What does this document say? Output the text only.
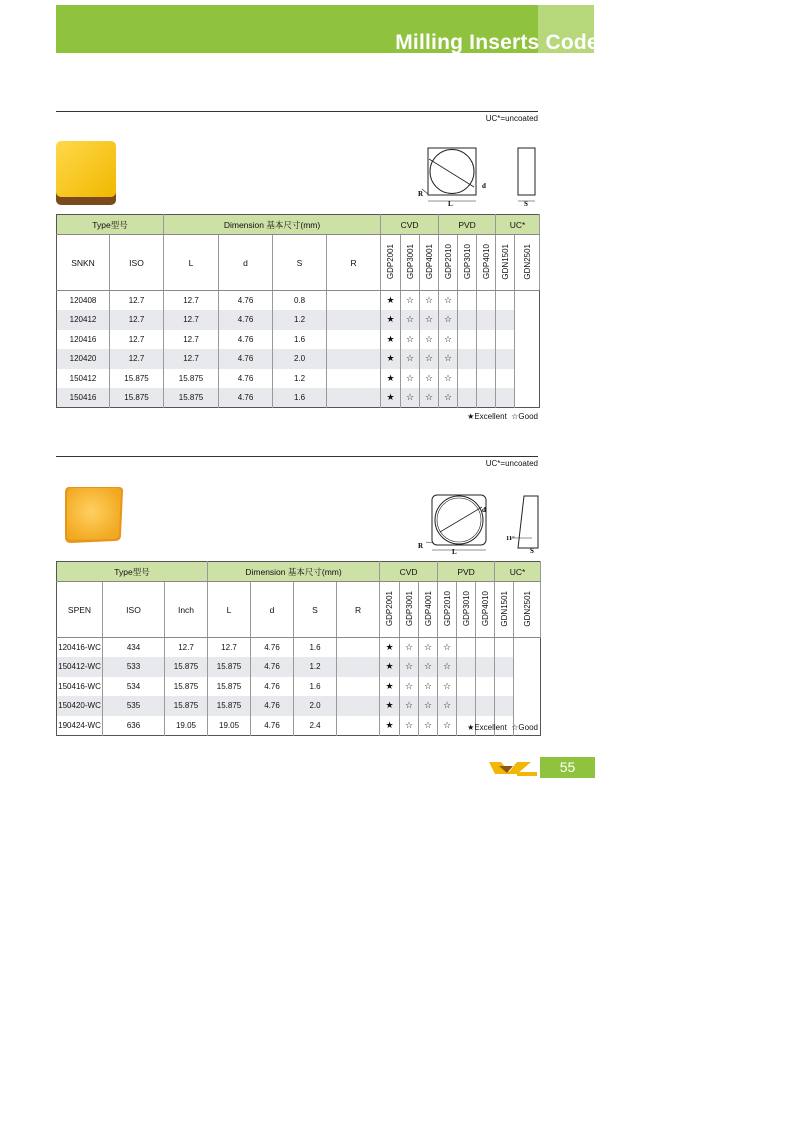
Milling Inserts Code 铣削刀片型号
UC*=uncoated
R
L
d
S
Type型号		Dimension 基本尺寸(mm)				CVD			PVD			UC*	
SNKN	ISO	L	d	S	R	GDP2001	GDP3001	GDP4001	GDP2010	GDP3010	GDP4010	GDN1501	GDN2501
120408	12.7	12.7	4.76	0.8		★	☆	☆	☆				
120412	12.7	12.7	4.76	1.2		★	☆	☆	☆				
120416	12.7	12.7	4.76	1.6		★	☆	☆	☆				
120420	12.7	12.7	4.76	2.0		★	☆	☆	☆				
150412	15.875	15.875	4.76	1.2		★	☆	☆	☆				
150416	15.875	15.875	4.76	1.6		★	☆	☆	☆				
★Excellent ☆Good
UC*=uncoated
R
L
d
11°
S
Type型号			Dimension 基本尺寸(mm)				CVD			PVD			UC*	
SPEN	ISO	Inch	L	d	S	R	GDP2001	GDP3001	GDP4001	GDP2010	GDP3010	GDP4010	GDN1501	GDN2501
120416-WC	434	12.7	12.7	4.76	1.6		★	☆	☆	☆				
150412-WC	533	15.875	15.875	4.76	1.2		★	☆	☆	☆				
150416-WC	534	15.875	15.875	4.76	1.6		★	☆	☆	☆				
150420-WC	535	15.875	15.875	4.76	2.0		★	☆	☆	☆				
190424-WC	636	19.05	19.05	4.76	2.4		★	☆	☆	☆				★Excellent ☆Good
55
